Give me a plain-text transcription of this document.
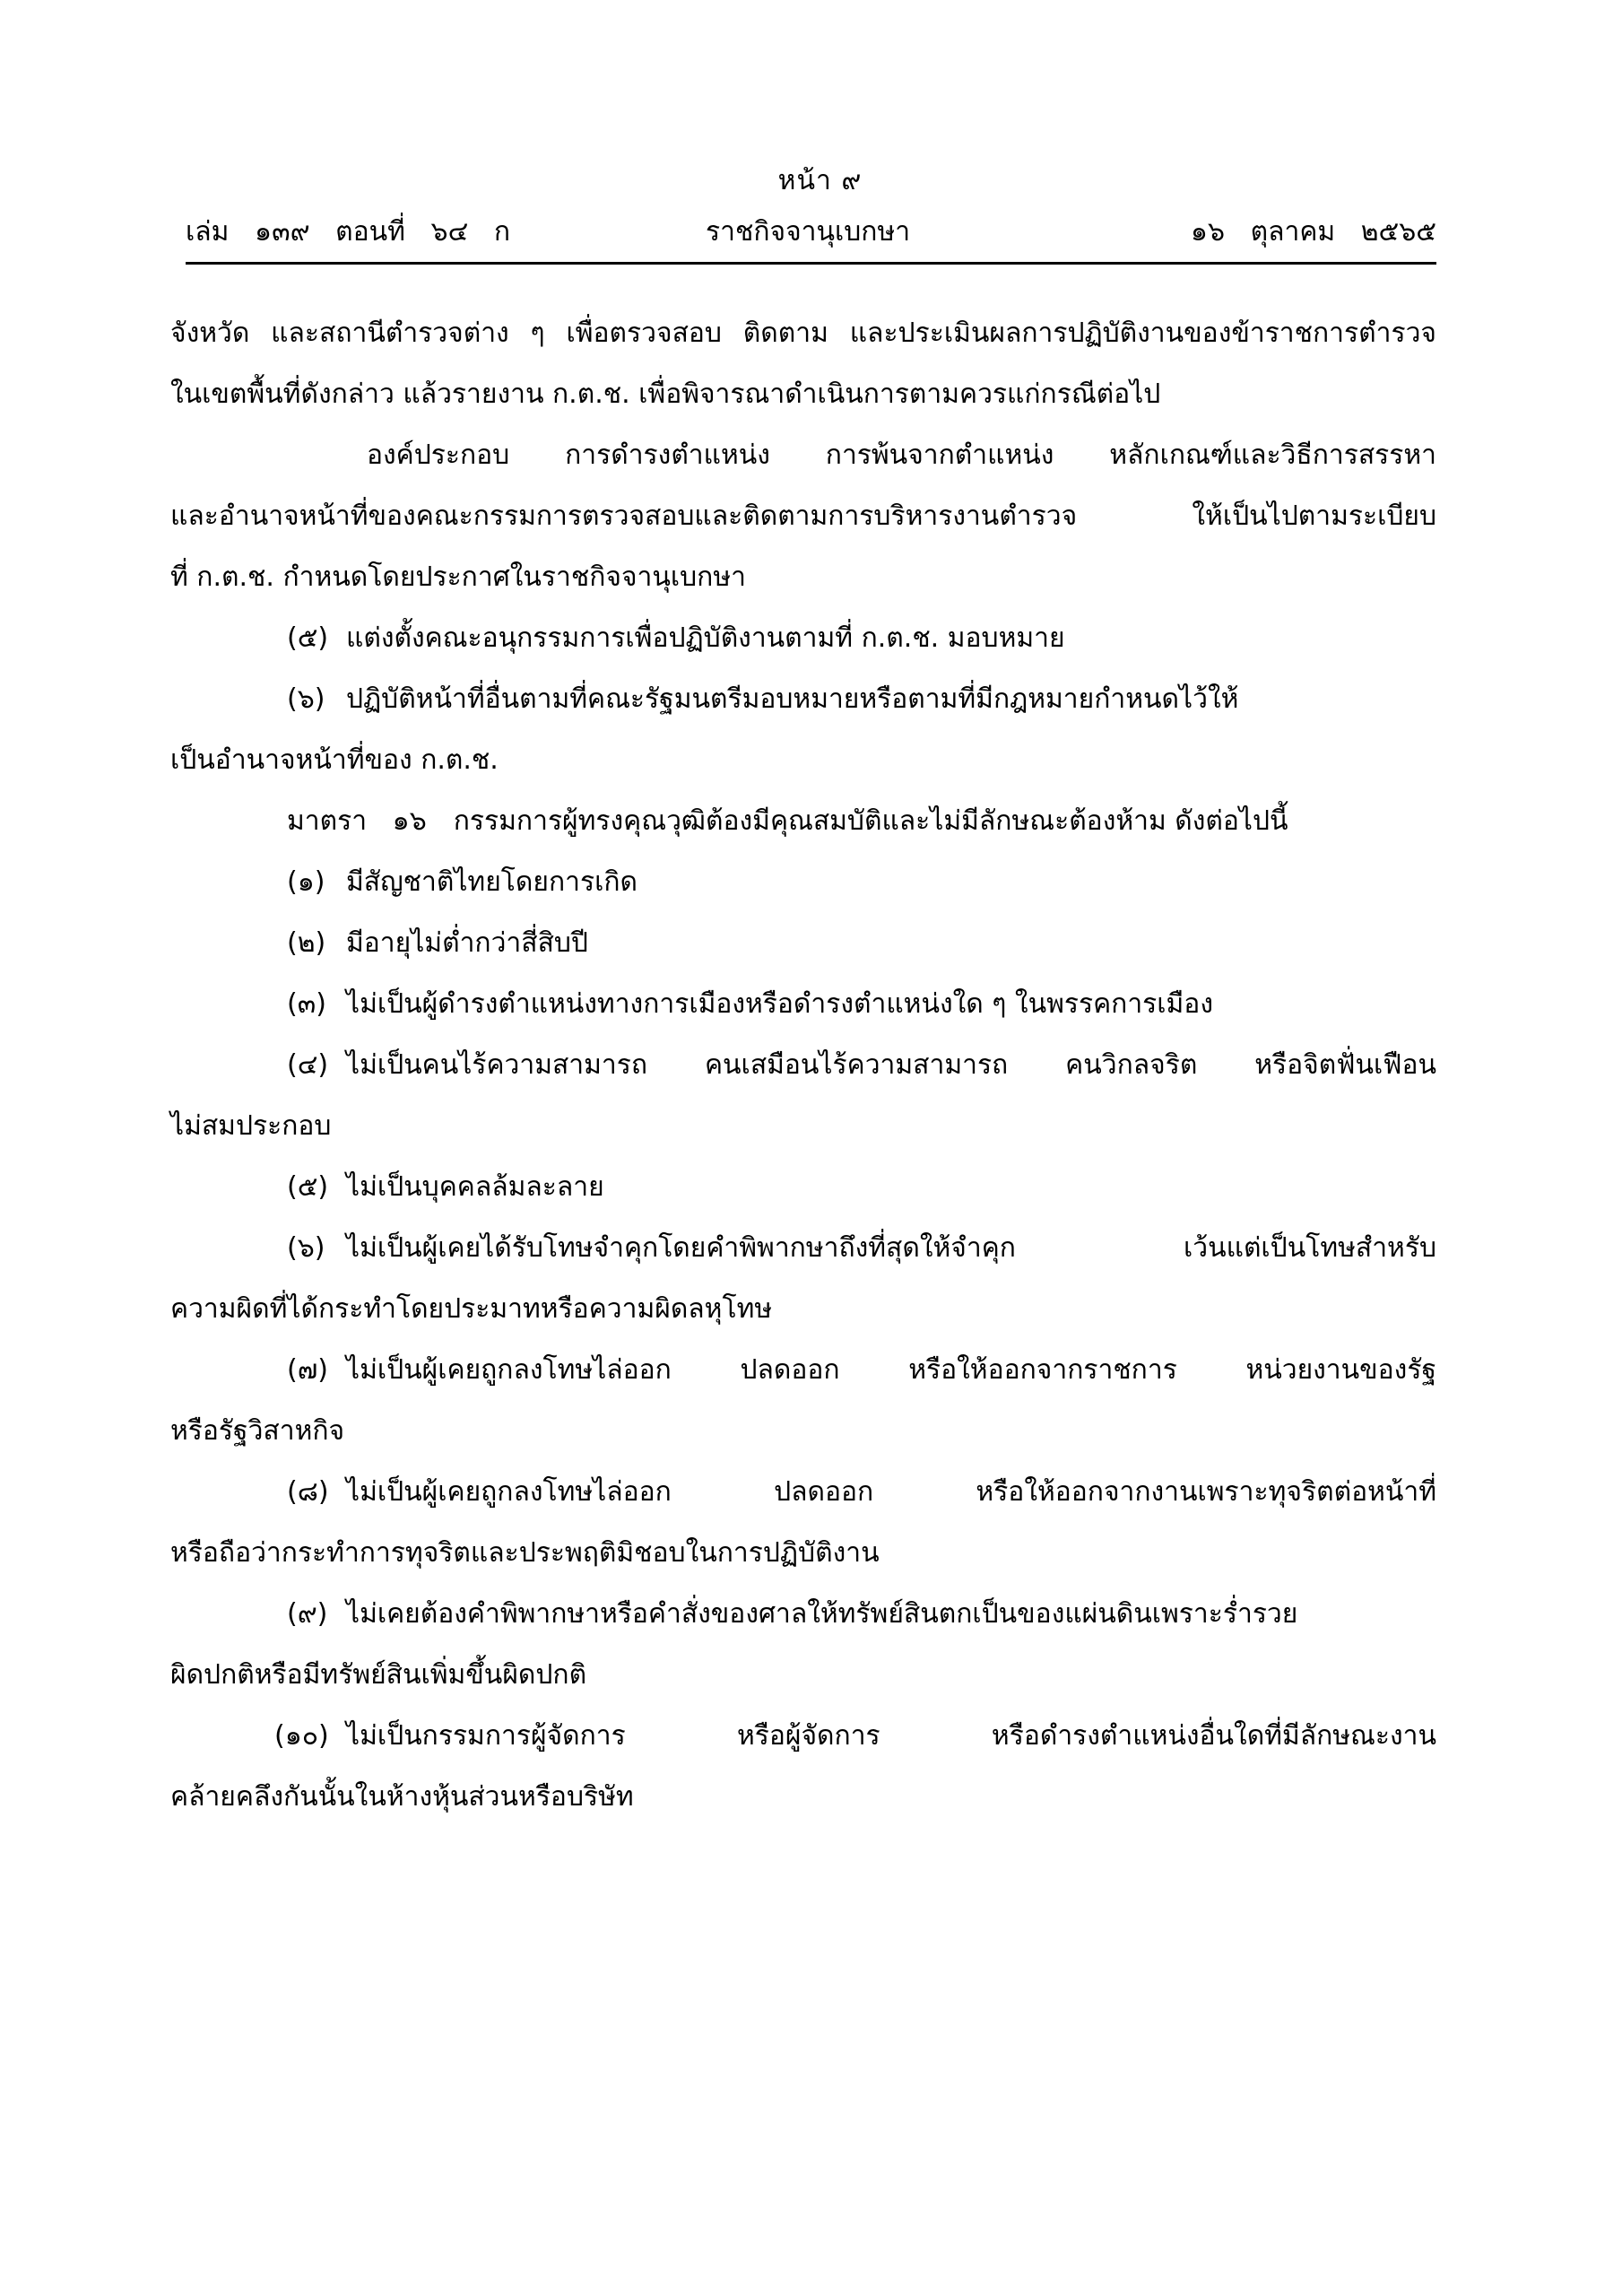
หน้า ๙
เล่ม   ๑๓๙   ตอนที่   ๖๔   ก	ราชกิจจานุเบกษา	๑๖   ตุลาคม   ๒๕๖๕
จังหวัด และสถานีตำรวจต่าง ๆ เพื่อตรวจสอบ ติดตาม และประเมินผลการปฏิบัติงานของข้าราชการตำรวจ
ในเขตพื้นที่ดังกล่าว แล้วรายงาน ก.ต.ช. เพื่อพิจารณาดำเนินการตามควรแก่กรณีต่อไป
องค์ประกอบ การดำรงตำแหน่ง การพ้นจากตำแหน่ง หลักเกณฑ์และวิธีการสรรหา
และอำนาจหน้าที่ของคณะกรรมการตรวจสอบและติดตามการบริหารงานตำรวจ ให้เป็นไปตามระเบียบ
ที่ ก.ต.ช. กำหนดโดยประกาศในราชกิจจานุเบกษา
(๕) แต่งตั้งคณะอนุกรรมการเพื่อปฏิบัติงานตามที่ ก.ต.ช. มอบหมาย
(๖) ปฏิบัติหน้าที่อื่นตามที่คณะรัฐมนตรีมอบหมายหรือตามที่มีกฎหมายกำหนดไว้ให้
เป็นอำนาจหน้าที่ของ ก.ต.ช.
มาตรา   ๑๖ กรรมการผู้ทรงคุณวุฒิต้องมีคุณสมบัติและไม่มีลักษณะต้องห้าม ดังต่อไปนี้
(๑) มีสัญชาติไทยโดยการเกิด
(๒) มีอายุไม่ต่ำกว่าสี่สิบปี
(๓) ไม่เป็นผู้ดำรงตำแหน่งทางการเมืองหรือดำรงตำแหน่งใด ๆ ในพรรคการเมือง
(๔) ไม่เป็นคนไร้ความสามารถ คนเสมือนไร้ความสามารถ คนวิกลจริต หรือจิตฟั่นเฟือน
ไม่สมประกอบ
(๕) ไม่เป็นบุคคลล้มละลาย
(๖) ไม่เป็นผู้เคยได้รับโทษจำคุกโดยคำพิพากษาถึงที่สุดให้จำคุก เว้นแต่เป็นโทษสำหรับ
ความผิดที่ได้กระทำโดยประมาทหรือความผิดลหุโทษ
(๗) ไม่เป็นผู้เคยถูกลงโทษไล่ออก ปลดออก หรือให้ออกจากราชการ หน่วยงานของรัฐ
หรือรัฐวิสาหกิจ
(๘) ไม่เป็นผู้เคยถูกลงโทษไล่ออก ปลดออก หรือให้ออกจากงานเพราะทุจริตต่อหน้าที่
หรือถือว่ากระทำการทุจริตและประพฤติมิชอบในการปฏิบัติงาน
(๙) ไม่เคยต้องคำพิพากษาหรือคำสั่งของศาลให้ทรัพย์สินตกเป็นของแผ่นดินเพราะร่ำรวย
ผิดปกติหรือมีทรัพย์สินเพิ่มขึ้นผิดปกติ
(๑๐) ไม่เป็นกรรมการผู้จัดการ หรือผู้จัดการ หรือดำรงตำแหน่งอื่นใดที่มีลักษณะงาน
คล้ายคลึงกันนั้นในห้างหุ้นส่วนหรือบริษัท
